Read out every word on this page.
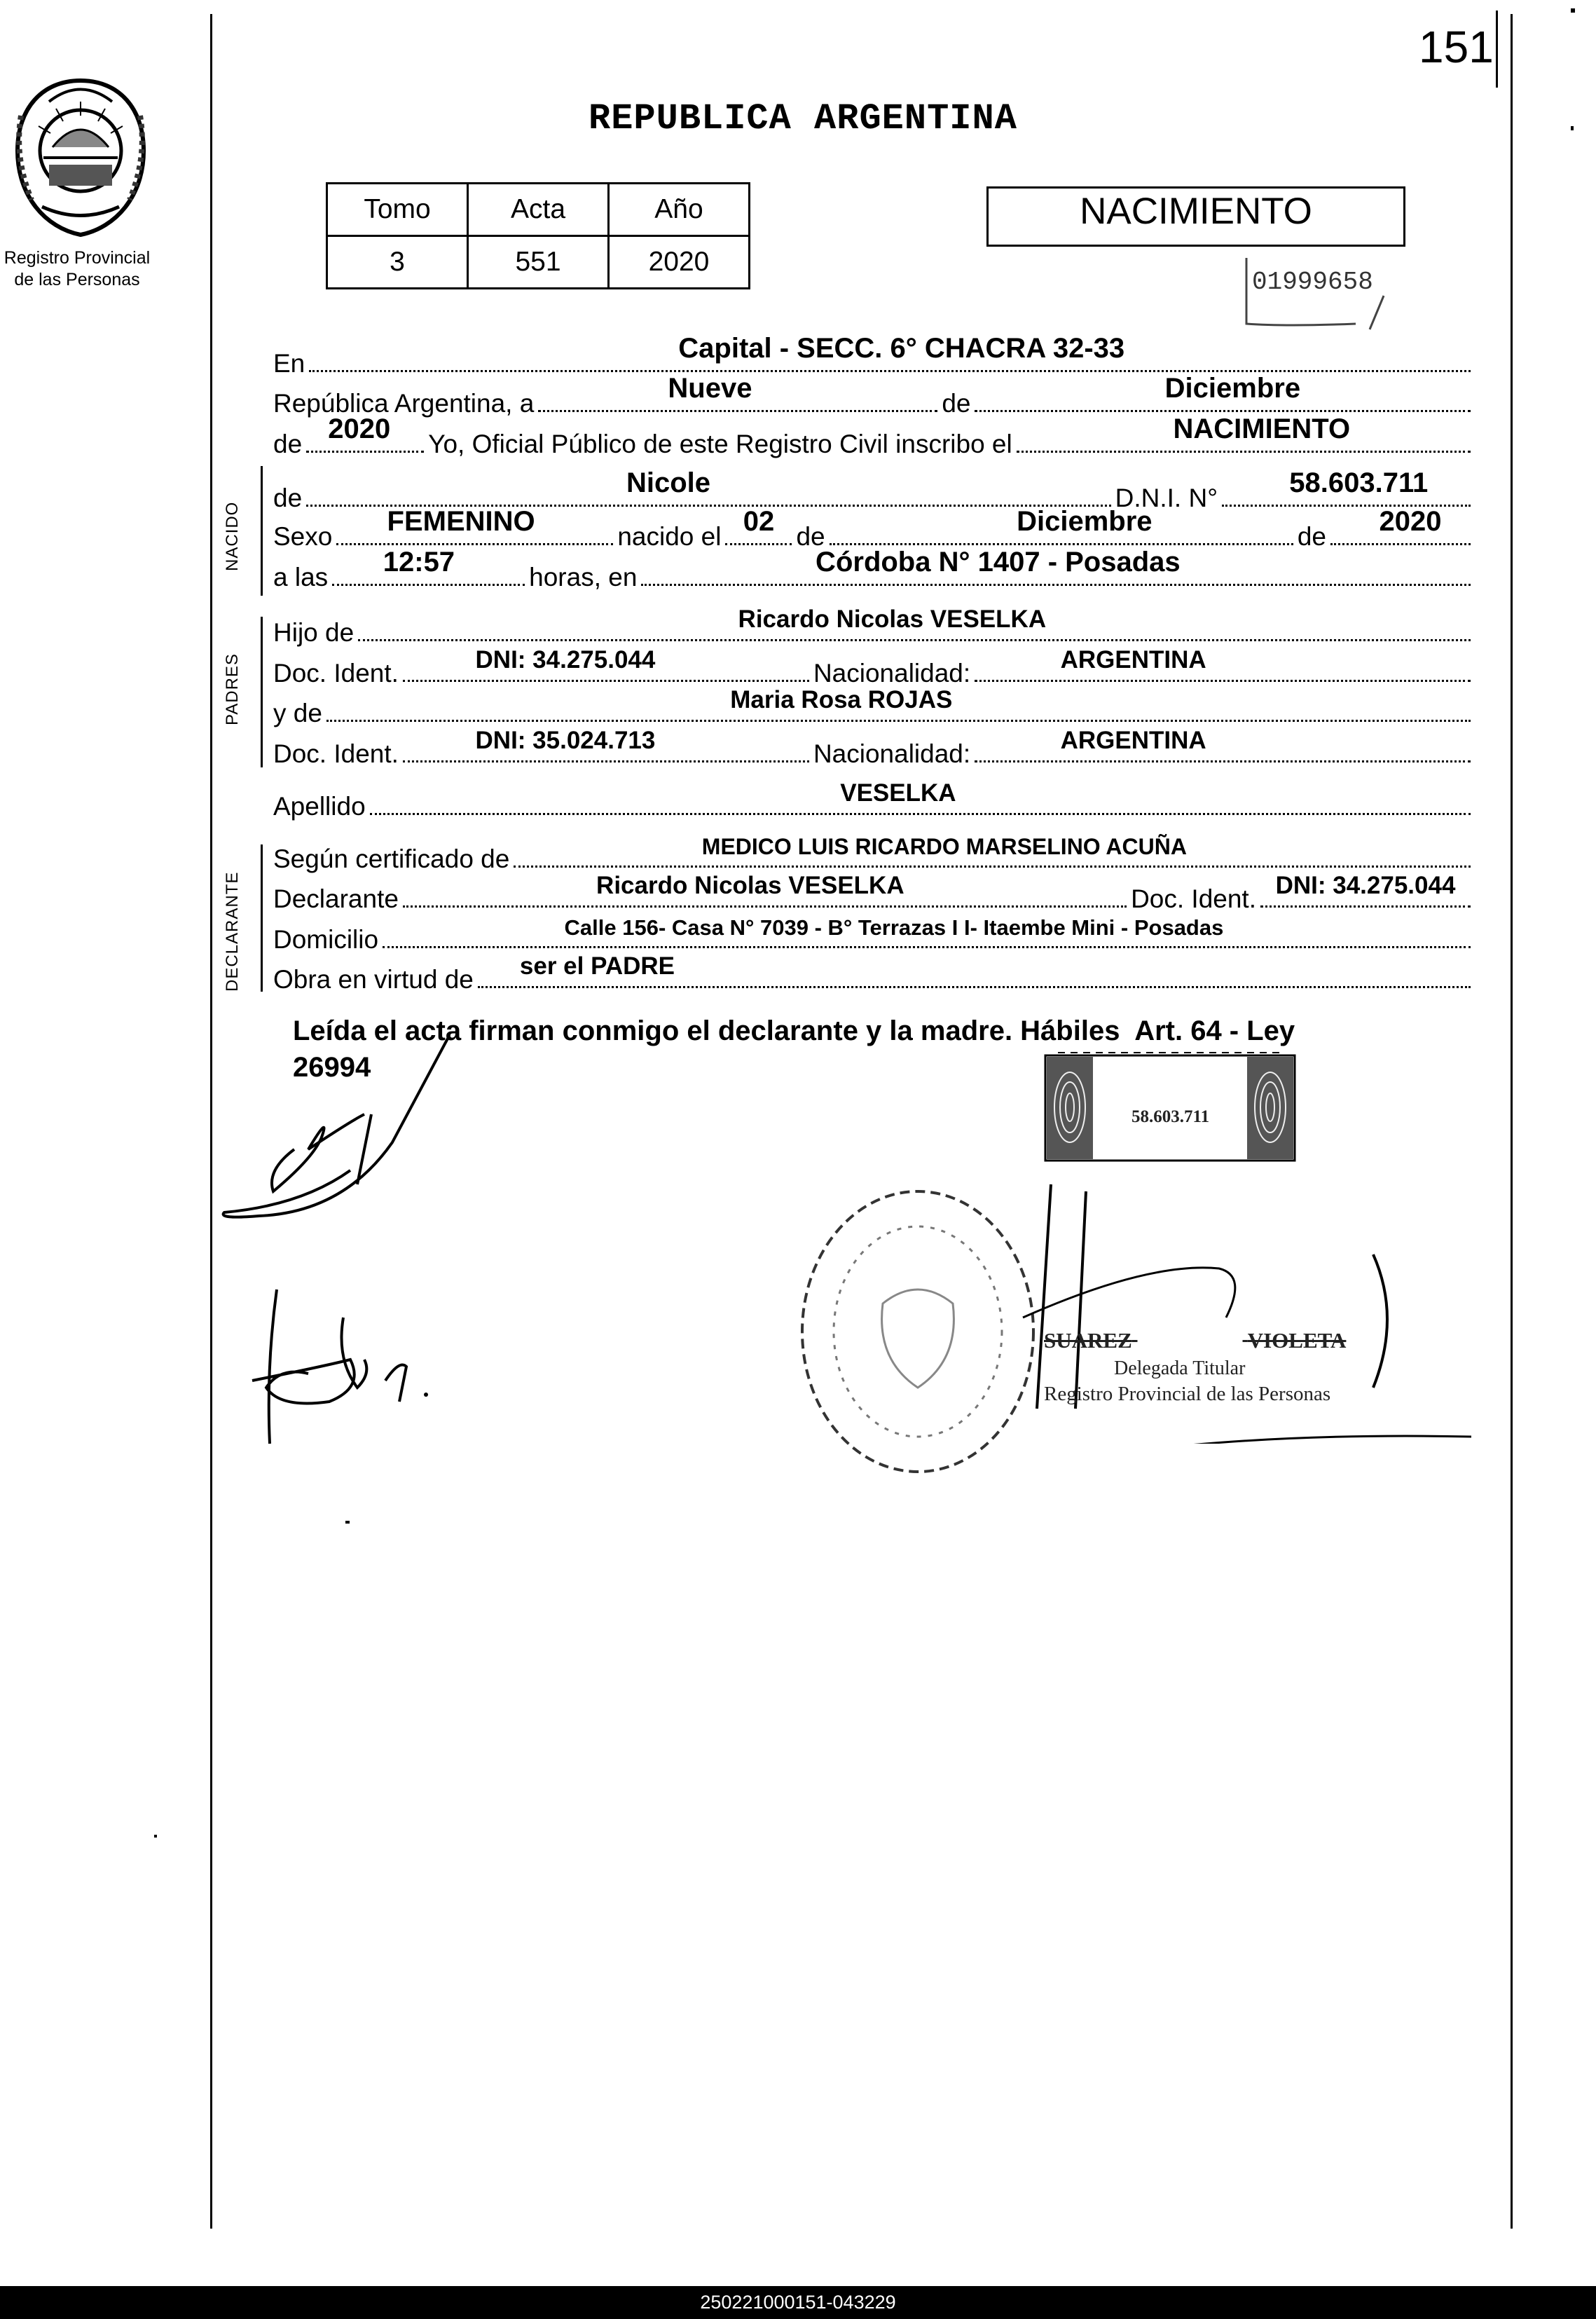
Registro Provincial
de las Personas
151
REPUBLICA ARGENTINA
Tomo	Acta	Año
3	551	2020
NACIMIENTO
01999658
En	Capital - SECC. 6° CHACRA 32-33
República Argentina, a	Nueve	de	Diciembre
de 2020 Yo, Oficial Público de este Registro Civil inscribo el	NACIMIENTO
NACIDO
de	Nicole	D.N.I. N°	58.603.711
Sexo FEMENINO	nacido el 02 de	Diciembre	de 2020
a las 12:57	horas, en	Córdoba N° 1407 - Posadas
PADRES
Hijo de	Ricardo Nicolas VESELKA
Doc. Ident.	DNI: 34.275.044	Nacionalidad:	ARGENTINA
y de	Maria Rosa ROJAS
Doc. Ident.	DNI: 35.024.713	Nacionalidad:	ARGENTINA
Apellido	VESELKA
DECLARANTE
Según certificado de	MEDICO LUIS RICARDO MARSELINO ACUÑA
Declarante	Ricardo Nicolas VESELKA	Doc. Ident. DNI: 34.275.044
Domicilio	Calle 156- Casa N° 7039 - B° Terrazas I I- Itaembe Mini - Posadas
Obra en virtud de ser el PADRE
Leída el acta firman conmigo el declarante y la madre. Hábiles  Art. 64 - Ley
26994
58.603.711
SUAREZ	VIOLETA
Delegada Titular
Registro Provincial de las Personas
250221000151-043229
